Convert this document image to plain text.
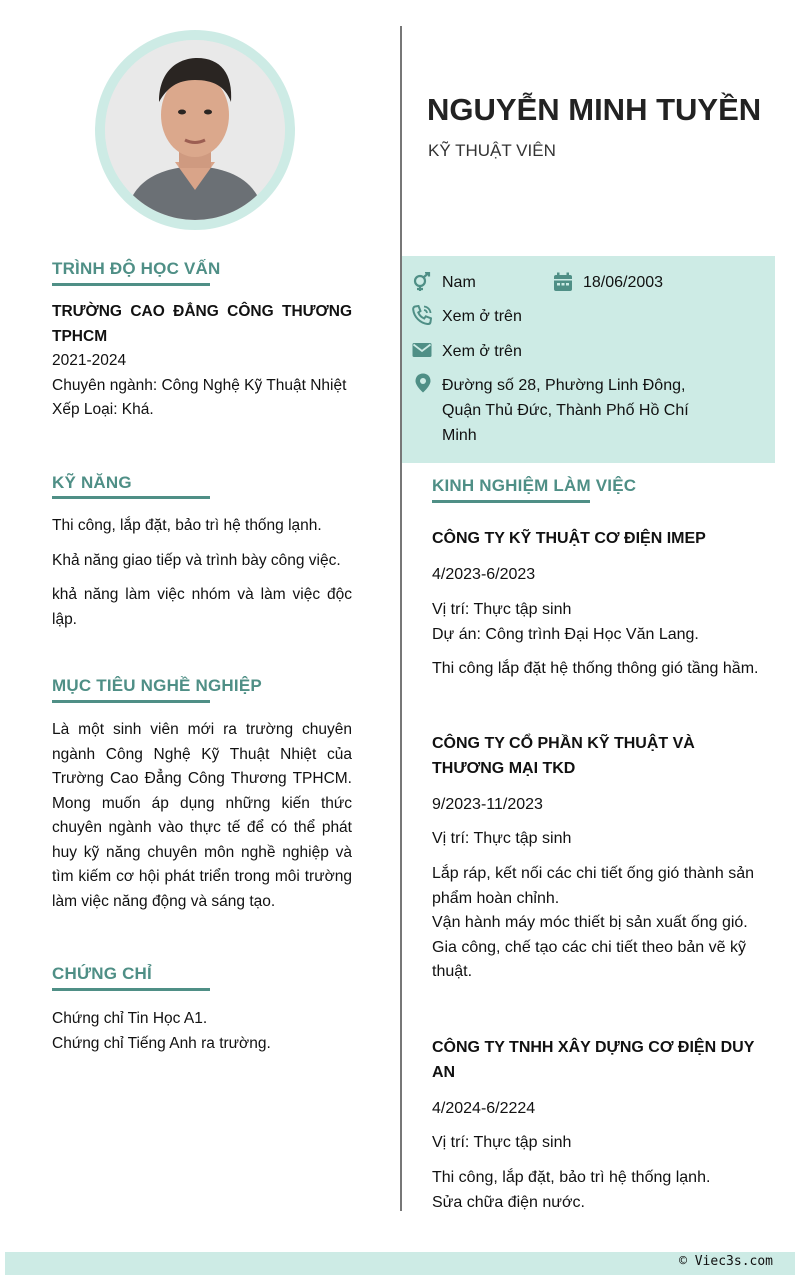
TRÌNH ĐỘ HỌC VẤN
TRƯỜNG CAO ĐẲNG CÔNG THƯƠNG TPHCM
2021-2024
Chuyên ngành: Công Nghệ Kỹ Thuật Nhiệt
Xếp Loại: Khá.
KỸ NĂNG
Thi công, lắp đặt, bảo trì hệ thống lạnh.
Khả năng giao tiếp và trình bày công việc.
khả năng làm việc nhóm và làm việc độc lập.
MỤC TIÊU NGHỀ NGHIỆP
Là một sinh viên mới ra trường chuyên ngành Công Nghệ Kỹ Thuật Nhiệt của Trường Cao Đẳng Công Thương TPHCM. Mong muốn áp dụng những kiến thức chuyên ngành vào thực tế để có thể phát huy kỹ năng chuyên môn nghề nghiệp và tìm kiếm cơ hội phát triển trong môi trường làm việc năng động và sáng tạo.
CHỨNG CHỈ
Chứng chỉ Tin Học A1.
Chứng chỉ Tiếng Anh ra trường.
NGUYỄN MINH TUYỀN
KỸ THUẬT VIÊN
Nam	18/06/2003
Xem ở trên
Xem ở trên
Đường số 28, Phường Linh Đông, Quận Thủ Đức, Thành Phố Hồ Chí Minh
KINH NGHIỆM LÀM VIỆC
CÔNG TY KỸ THUẬT CƠ ĐIỆN IMEP
4/2023-6/2023
Vị trí: Thực tập sinh
Dự án: Công trình Đại Học Văn Lang.
Thi công lắp đặt hệ thống thông gió tầng hầm.
CÔNG TY CỔ PHẦN KỸ THUẬT VÀ THƯƠNG MẠI TKD
9/2023-11/2023
Vị trí: Thực tập sinh
Lắp ráp, kết nối các chi tiết ống gió thành sản phẩm hoàn chỉnh.
Vận hành máy móc thiết bị sản xuất ống gió.
Gia công, chế tạo các chi tiết theo bản vẽ kỹ thuật.
CÔNG TY TNHH XÂY DỰNG CƠ ĐIỆN DUY AN
4/2024-6/2224
Vị trí: Thực tập sinh
Thi công, lắp đặt, bảo trì hệ thống lạnh.
Sửa chữa điện nước.
© Viec3s.com
